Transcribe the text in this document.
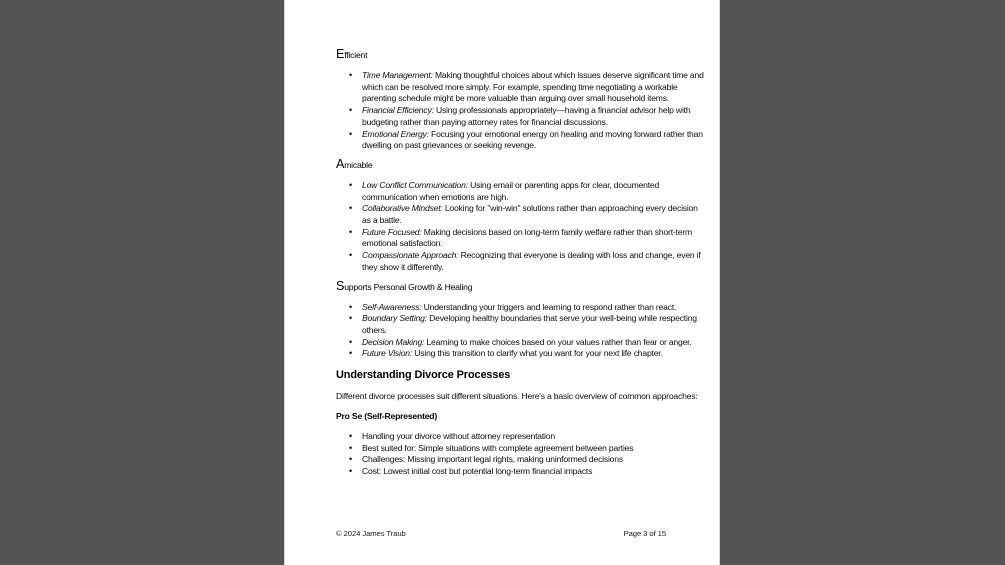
Efficient
• Time Management: Making thoughtful choices about which issues deserve significant time and which can be resolved more simply. For example, spending time negotiating a workable parenting schedule might be more valuable than arguing over small household items.
• Financial Efficiency: Using professionals appropriately—having a financial advisor help with budgeting rather than paying attorney rates for financial discussions.
• Emotional Energy: Focusing your emotional energy on healing and moving forward rather than dwelling on past grievances or seeking revenge.
Amicable
• Low Conflict Communication: Using email or parenting apps for clear, documented communication when emotions are high.
• Collaborative Mindset: Looking for "win-win" solutions rather than approaching every decision as a battle.
• Future Focused: Making decisions based on long-term family welfare rather than short-term emotional satisfaction.
• Compassionate Approach: Recognizing that everyone is dealing with loss and change, even if they show it differently.
Supports Personal Growth & Healing
• Self-Awareness: Understanding your triggers and learning to respond rather than react.
• Boundary Setting: Developing healthy boundaries that serve your well-being while respecting others.
• Decision Making: Learning to make choices based on your values rather than fear or anger.
• Future Vision: Using this transition to clarify what you want for your next life chapter.
Understanding Divorce Processes

Different divorce processes suit different situations. Here's a basic overview of common approaches:

Pro Se (Self-Represented)
• Handling your divorce without attorney representation
• Best suited for: Simple situations with complete agreement between parties
• Challenges: Missing important legal rights, making uninformed decisions
• Cost: Lowest initial cost but potential long-term financial impacts
© 2024 James Traub	Page 3 of 15
